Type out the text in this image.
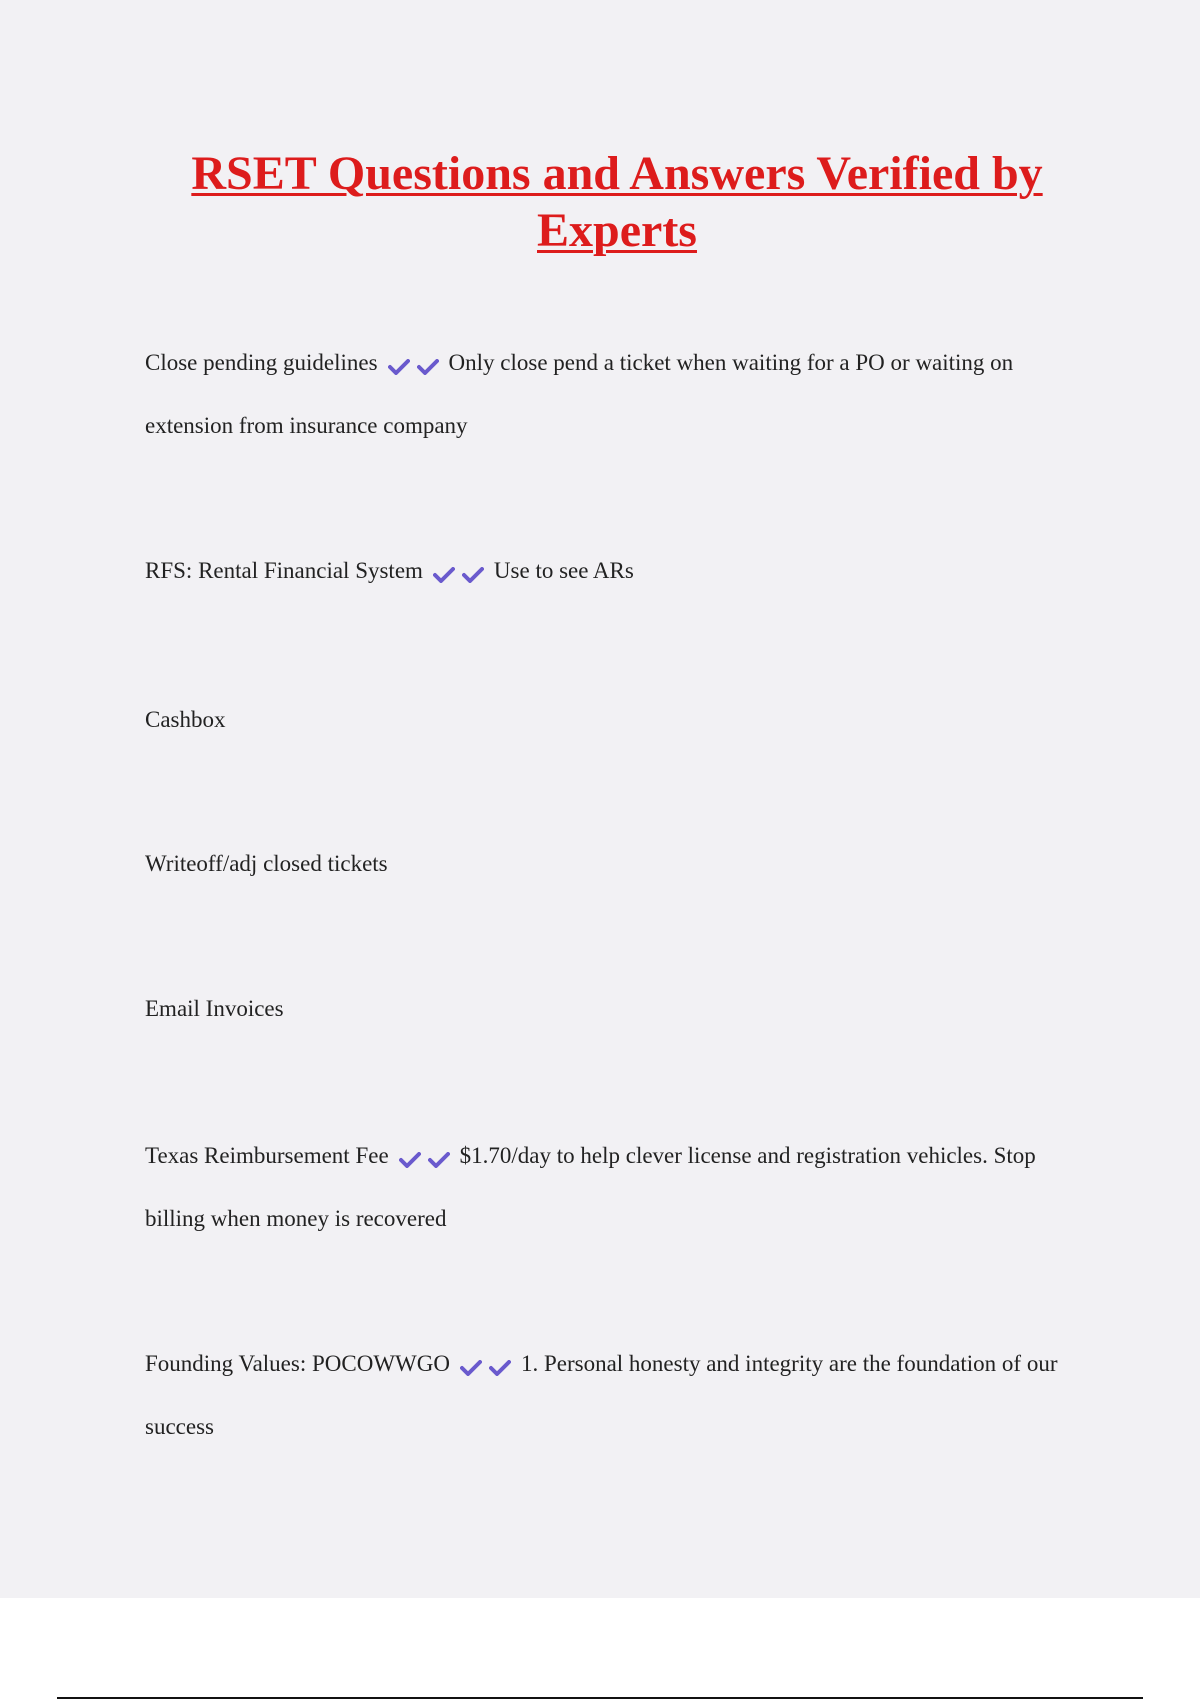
RSET Questions and Answers Verified by Experts

Close pending guidelines	Only close pend a ticket when waiting for a PO or waiting on extension from insurance company

RFS: Rental Financial System	Use to see ARs

Cashbox

Writeoff/adj closed tickets

Email Invoices

Texas Reimbursement Fee	$1.70/day to help clever license and registration vehicles. Stop billing when money is recovered

Founding Values: POCOWWGO	1. Personal honesty and integrity are the foundation of our success
